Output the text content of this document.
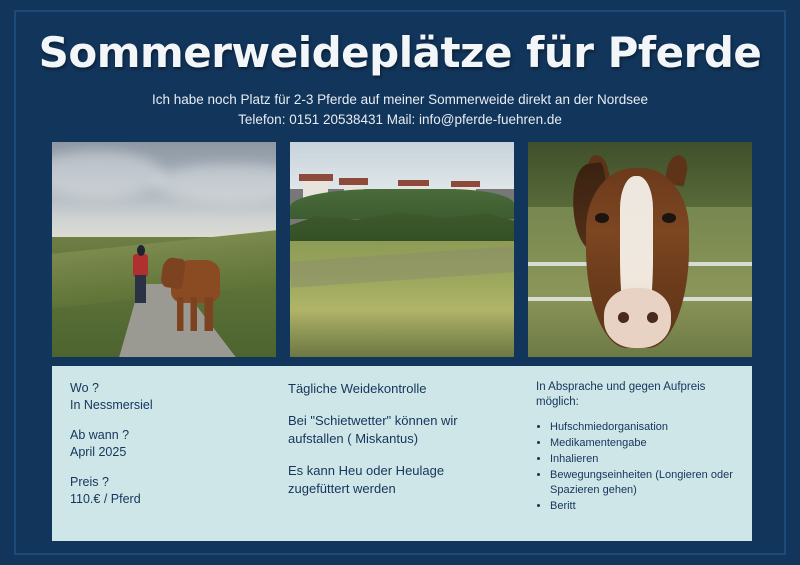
Sommerweideplätze für Pferde
Ich habe noch Platz für 2-3 Pferde auf meiner Sommerweide direkt an der Nordsee
Telefon: 0151 20538431 Mail: info@pferde-fuehren.de
Wo ?
In Nessmersiel
Ab wann ?
April 2025
Preis ?
110.€ / Pferd
Tägliche Weidekontrolle
Bei "Schietwetter" können wir aufstallen ( Miskantus)
Es kann Heu oder Heulage zugefüttert werden
In Absprache und gegen Aufpreis möglich:
• Hufschmiedorganisation
• Medikamentengabe
• Inhalieren
• Bewegungseinheiten (Longieren oder Spazieren gehen)
• Beritt
